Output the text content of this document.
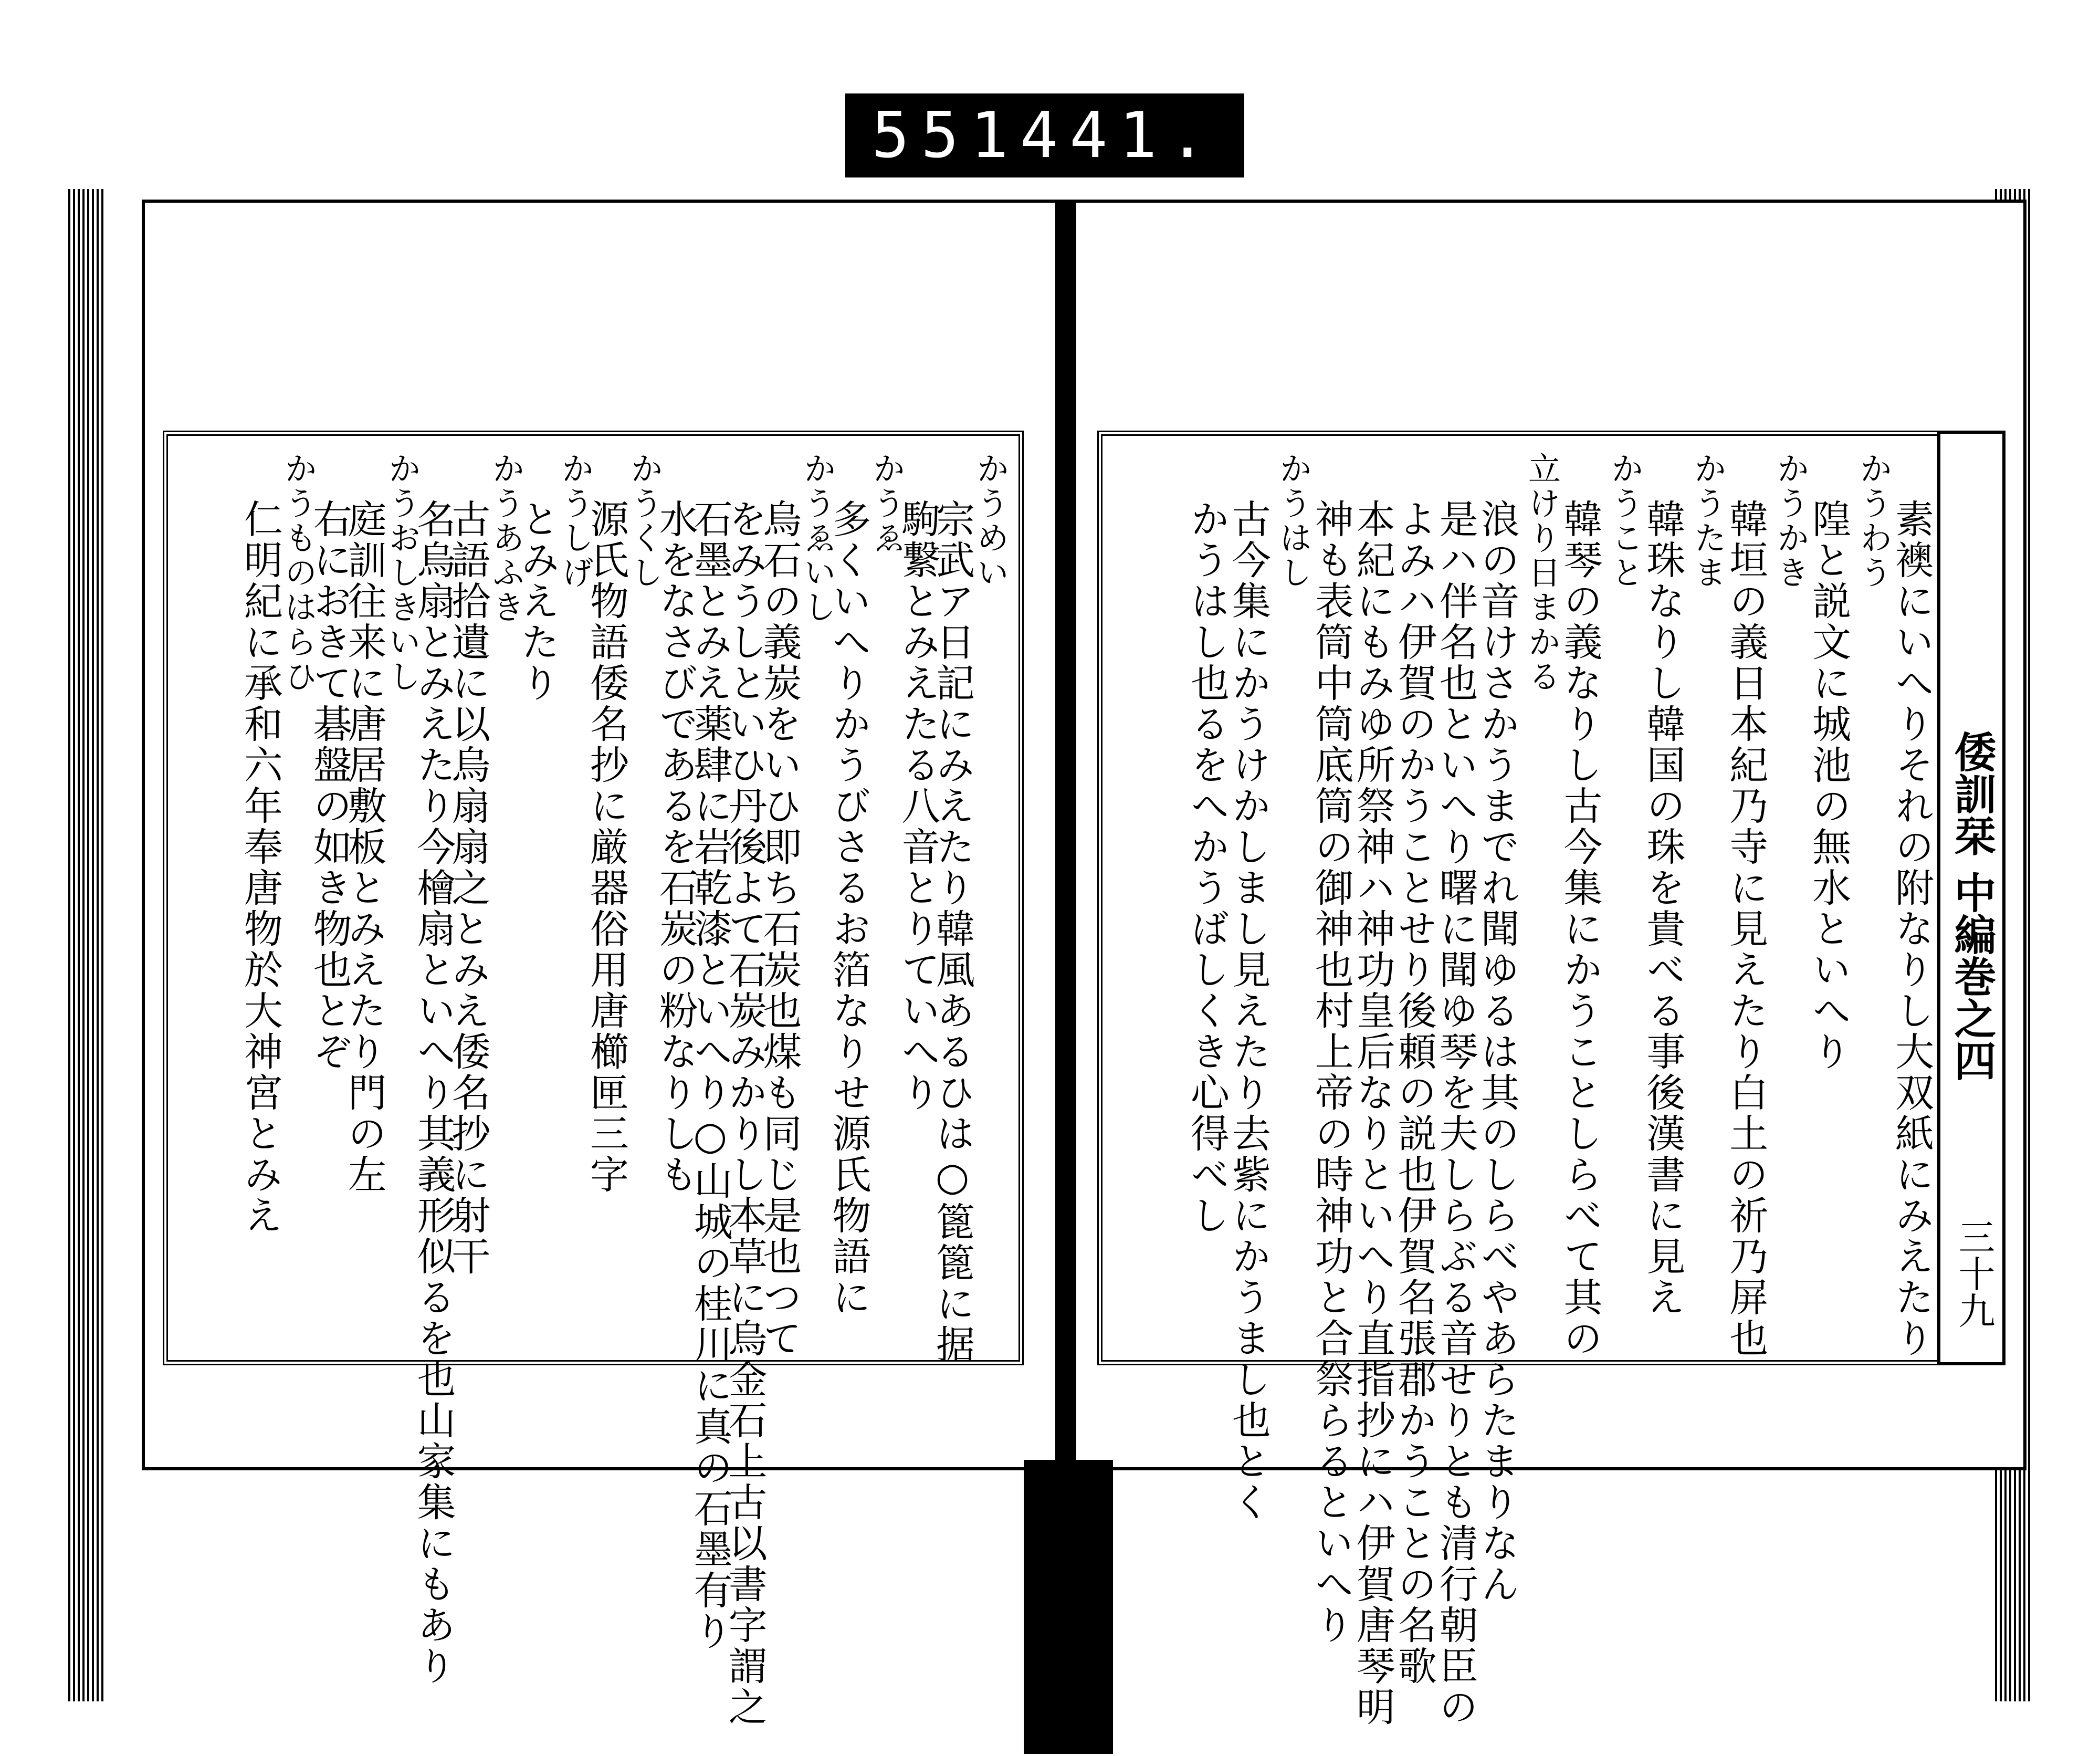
551 441.
かうめい
宗武ア日記にみえたり韓風あるひは○篦篦に据
駒繋とみえたる八音とりていへり
かうゑ
多くいへりかうびさるお箔なりせ源氏物語に
かうゑいし
烏石の義炭をいひ即ち石炭也煤も同じ是也つて
をみうしといひ丹後よて石炭みかりし本草に烏金石上古以書字謂之
石墨とみえ薬肆に岩乾漆といへり○山城の桂川に真の石墨有り
水をなさびであるを石炭の粉なりしも
かうくし
源氏物語倭名抄に厳器俗用唐櫛匣三字
かうしげ
とみえたり
かうあふき
古語拾遺に以烏扇扇之とみえ倭名抄に射干
名烏扇とみえたり今檜扇といへり其義形似るを也山家集にもあり
かうおしきいし
庭訓往来に唐居敷板とみえたり門の左
右におきて碁盤の如き物也とぞ
かうものはらひ
仁明紀に承和六年奉唐物於大神宮とみえ	素襖にいへりそれの附なりし大双紙にみえたり
かうわう
隍と説文に城池の無水といへり
かうかき
韓垣の義日本紀乃寺に見えたり白土の祈乃屏也
かうたま
韓珠なりし韓国の珠を貴べる事後漢書に見え
かうこと
韓琴の義なりし古今集にかうことしらべて其の
立けり日まかる
浪の音けさかうまでれ聞ゆるは其のしらべやあらたまりなん
是ハ伴名也といへり曙に聞ゆ琴を夫しらぶる音せりとも清行朝臣の
よみハ伊賀のかうことせり後頼の説也伊賀名張郡かうことの名歌
本紀にもみゆ所祭神ハ神功皇后なりといへり直指抄にハ伊賀唐琴明
神も表筒中筒底筒の御神也村上帝の時神功と合祭らるといへり
かうはし
古今集にかうけかしまし見えたり去紫にかうまし也とく
かうはし也るをへかうばしくき心得べし	倭訓栞 中編巻之四
三十九
